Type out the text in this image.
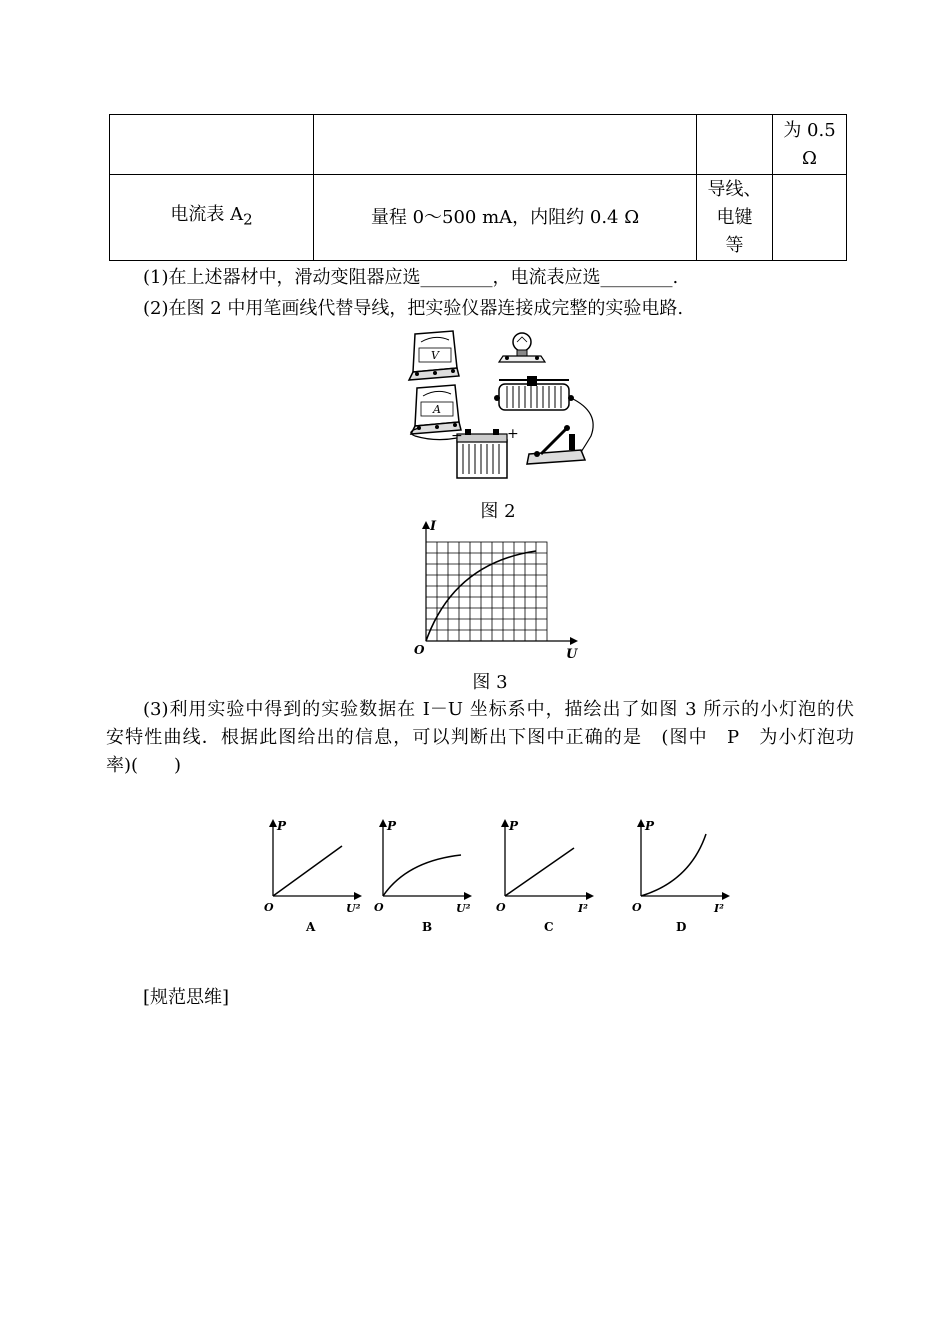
			为 0.5
Ω
电流表 $A_2$	量程 0～500 mA，内阻约 0.4 Ω	导线、
电键
等	
(1)在上述器材中，滑动变阻器应选________，电流表应选________.
(2)在图 2 中用笔画线代替导线，把实验仪器连接成完整的实验电路.
V
A
−	+
图 2
I
U
O
图 3
(3)利用实验中得到的实验数据在 I－U 坐标系中，描绘出了如图 3 所示的小灯泡的伏
安特性曲线．根据此图给出的信息，可以判断出下图中正确的是　(图中　P　为小灯泡功
率)(　　)
P
U²
O
A
P
U²
O
B
P
I²
O
C
P
I²
O
D
[规范思维]
